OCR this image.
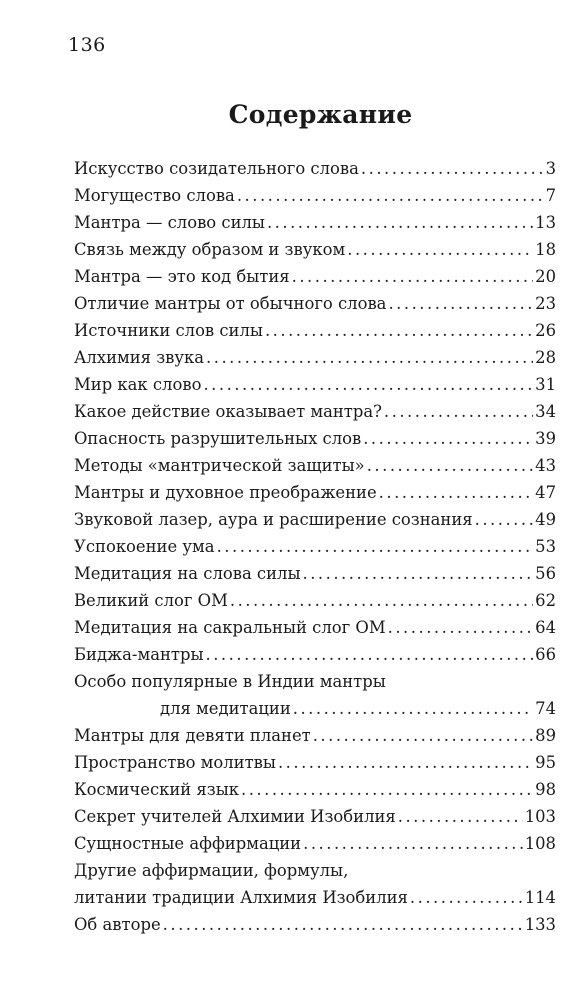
136
Содержание
Искусство созидательного слова .....	3
Могущество слова .....	7
Мантра — слово силы .....	13
Связь между образом и звуком .....	18
Мантра — это код бытия .....	20
Отличие мантры от обычного слова .....	23
Источники слов силы .....	26
Алхимия звука .....	28
Мир как слово .....	31
Какое действие оказывает мантра? .....	34
Опасность разрушительных слов .....	39
Методы «мантрической защиты» .....	43
Мантры и духовное преображение .....	47
Звуковой лазер, аура и расширение сознания .....	49
Успокоение ума .....	53
Медитация на слова силы .....	56
Великий слог ОМ .....	62
Медитация на сакральный слог ОМ .....	64
Биджа-мантры .....	66
Особо популярные в Индии мантры
для медитации .....	74
Мантры для девяти планет .....	89
Пространство молитвы .....	95
Космический язык .....	98
Секрет учителей Алхимии Изобилия .....	103
Сущностные аффирмации .....	108
Другие аффирмации, формулы,
литании традиции Алхимия Изобилия .....	114
Об авторе .....	133
